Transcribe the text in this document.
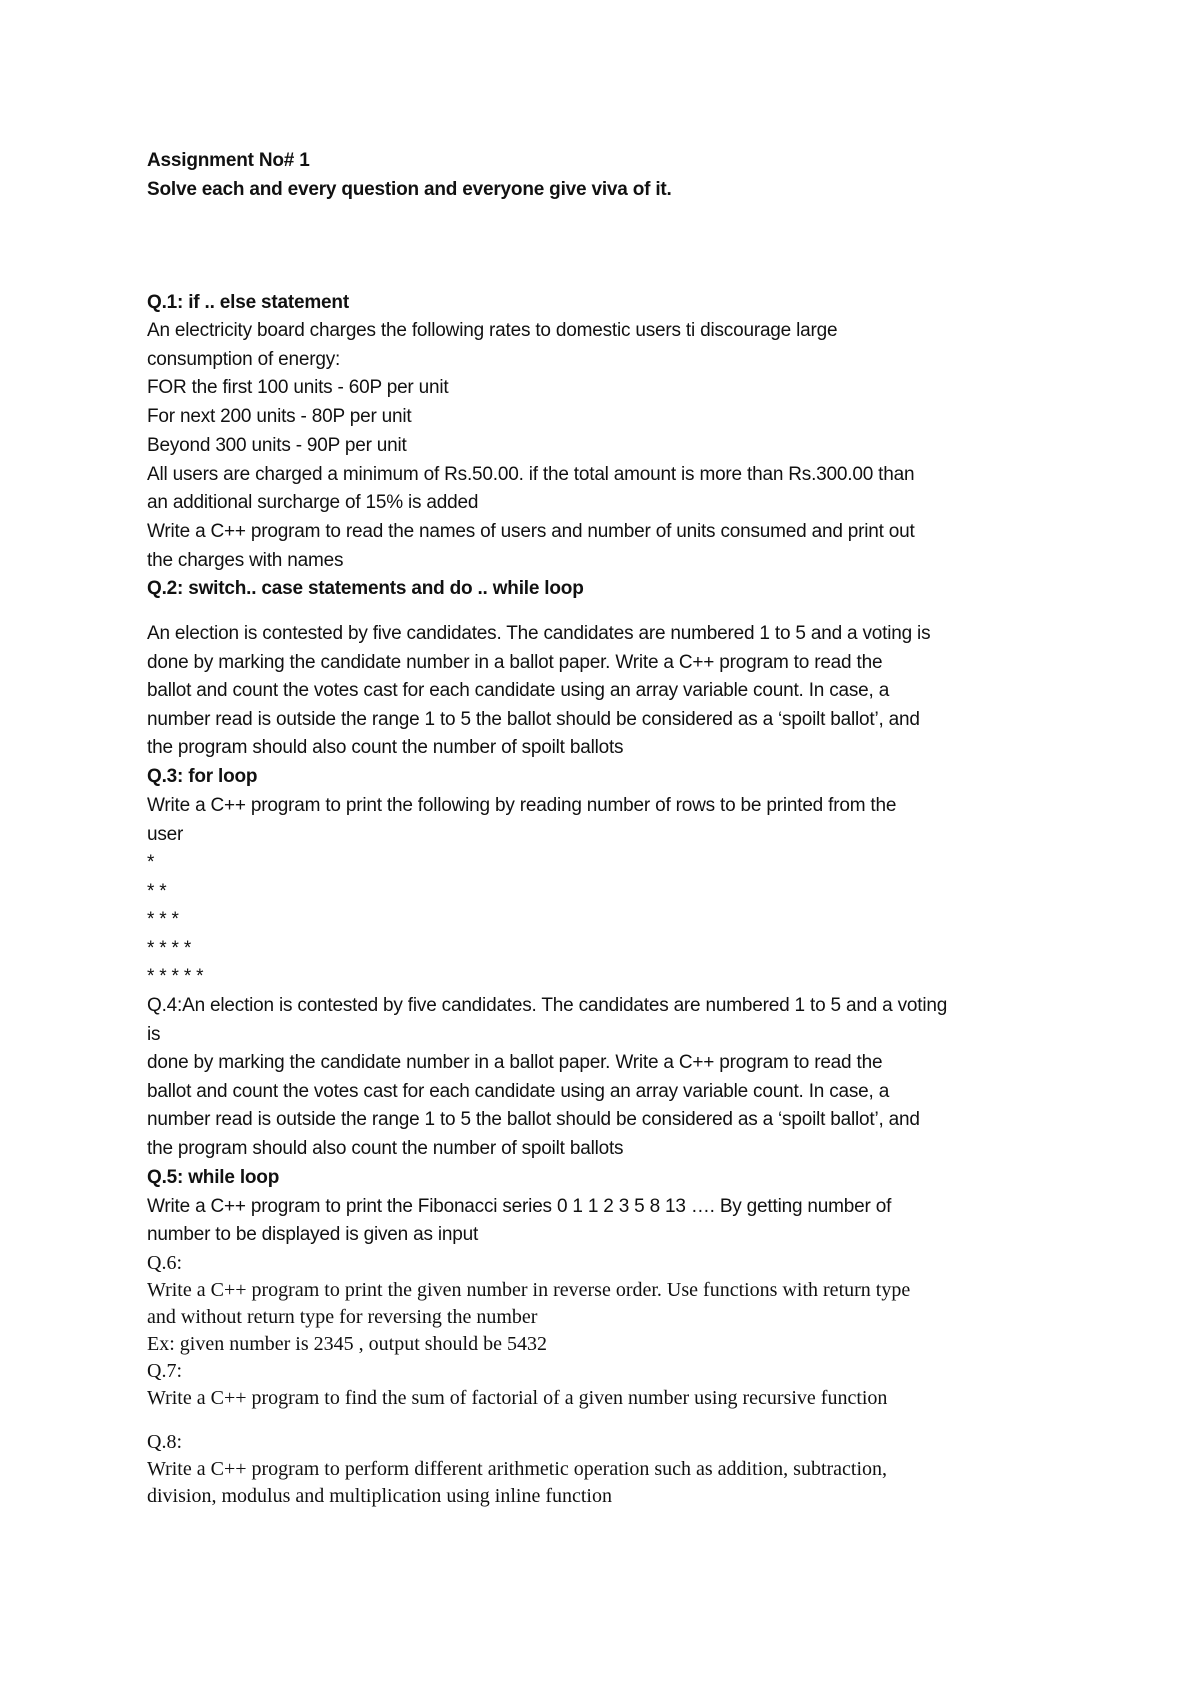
Assignment No# 1

Solve each and every question and everyone give viva of it.

Q.1: if .. else statement

An electricity board charges the following rates to domestic users ti discourage large

consumption of energy:

FOR the first 100 units - 60P per unit

For next 200 units - 80P per unit

Beyond 300 units - 90P per unit

All users are charged a minimum of Rs.50.00. if the total amount is more than Rs.300.00 than

an additional surcharge of 15% is added

Write a C++ program to read the names of users and number of units consumed and print out

the charges with names

Q.2: switch.. case statements and do .. while loop

An election is contested by five candidates. The candidates are numbered 1 to 5 and a voting is

done by marking the candidate number in a ballot paper. Write a C++ program to read the

ballot and count the votes cast for each candidate using an array variable count. In case, a

number read is outside the range 1 to 5 the ballot should be considered as a ‘spoilt ballot’, and

the program should also count the number of spoilt ballots

Q.3: for loop

Write a C++ program to print the following by reading number of rows to be printed from the

user

*

* *

* * *

* * * *

* * * * *

Q.4:An election is contested by five candidates. The candidates are numbered 1 to 5 and a voting

is

done by marking the candidate number in a ballot paper. Write a C++ program to read the

ballot and count the votes cast for each candidate using an array variable count. In case, a

number read is outside the range 1 to 5 the ballot should be considered as a ‘spoilt ballot’, and

the program should also count the number of spoilt ballots

Q.5: while loop

Write a C++ program to print the Fibonacci series 0 1 1 2 3 5 8 13 …. By getting number of

number to be displayed is given as input

Q.6:

Write a C++ program to print the given number in reverse order. Use functions with return type

and without return type for reversing the number

Ex: given number is 2345 , output should be 5432

Q.7:

Write a C++ program to find the sum of factorial of a given number using recursive function

Q.8:

Write a C++ program to perform different arithmetic operation such as addition, subtraction,

division, modulus and multiplication using inline function
